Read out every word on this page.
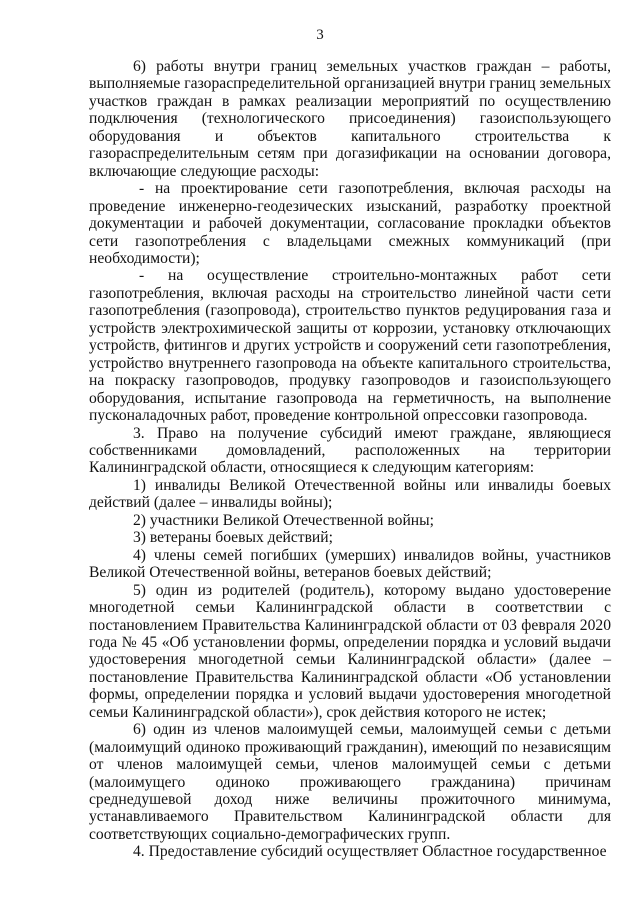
3

6) работы внутри границ земельных участков граждан – работы, выполняемые газораспределительной организацией внутри границ земельных участков граждан в рамках реализации мероприятий по осуществлению подключения (технологического присоединения) газоиспользующего оборудования и объектов капитального строительства к газораспределительным сетям при догазификации на основании договора, включающие следующие расходы:

- на проектирование сети газопотребления, включая расходы на проведение инженерно-геодезических изысканий, разработку проектной документации и рабочей документации, согласование прокладки объектов сети газопотребления с владельцами смежных коммуникаций (при необходимости);

- на осуществление строительно-монтажных работ сети газопотребления, включая расходы на строительство линейной части сети газопотребления (газопровода), строительство пунктов редуцирования газа и устройств электрохимической защиты от коррозии, установку отключающих устройств, фитингов и других устройств и сооружений сети газопотребления, устройство внутреннего газопровода на объекте капитального строительства, на покраску газопроводов, продувку газопроводов и газоиспользующего оборудования, испытание газопровода на герметичность, на выполнение пусконаладочных работ, проведение контрольной опрессовки газопровода.

3. Право на получение субсидий имеют граждане, являющиеся собственниками домовладений, расположенных на территории Калининградской области, относящиеся к следующим категориям:

1) инвалиды Великой Отечественной войны или инвалиды боевых действий (далее – инвалиды войны);

2) участники Великой Отечественной войны;

3) ветераны боевых действий;

4) члены семей погибших (умерших) инвалидов войны, участников Великой Отечественной войны, ветеранов боевых действий;

5) один из родителей (родитель), которому выдано удостоверение многодетной семьи Калининградской области в соответствии с постановлением Правительства Калининградской области от 03 февраля 2020 года № 45 «Об установлении формы, определении порядка и условий выдачи удостоверения многодетной семьи Калининградской области» (далее – постановление Правительства Калининградской области «Об установлении формы, определении порядка и условий выдачи удостоверения многодетной семьи Калининградской области»), срок действия которого не истек;

6) один из членов малоимущей семьи, малоимущей семьи с детьми (малоимущий одиноко проживающий гражданин), имеющий по независящим от членов малоимущей семьи, членов малоимущей семьи с детьми (малоимущего одиноко проживающего гражданина) причинам среднедушевой доход ниже величины прожиточного минимума, устанавливаемого Правительством Калининградской области для соответствующих социально-демографических групп.

4. Предоставление субсидий осуществляет Областное государственное
